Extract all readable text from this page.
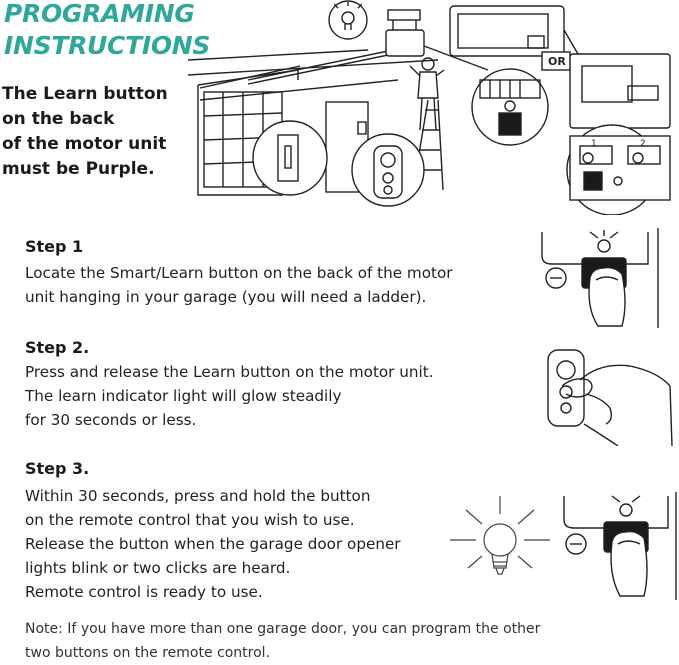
PROGRAMING
INSTRUCTIONS

The Learn button
on the back
of the motor unit
must be Purple.

OR
1	2
Step 1

Locate the Smart/Learn button on the back of the motor
unit hanging in your garage (you will need a ladder).

Step 2.

Press and release the Learn button on the motor unit.
The learn indicator light will glow steadily
for 30 seconds or less.

Step 3.

Within 30 seconds, press and hold the button
on the remote control that you wish to use.
Release the button when the garage door opener
lights blink or two clicks are heard.
Remote control is ready to use.

Note: If you have more than one garage door, you can program the other
two buttons on the remote control.
